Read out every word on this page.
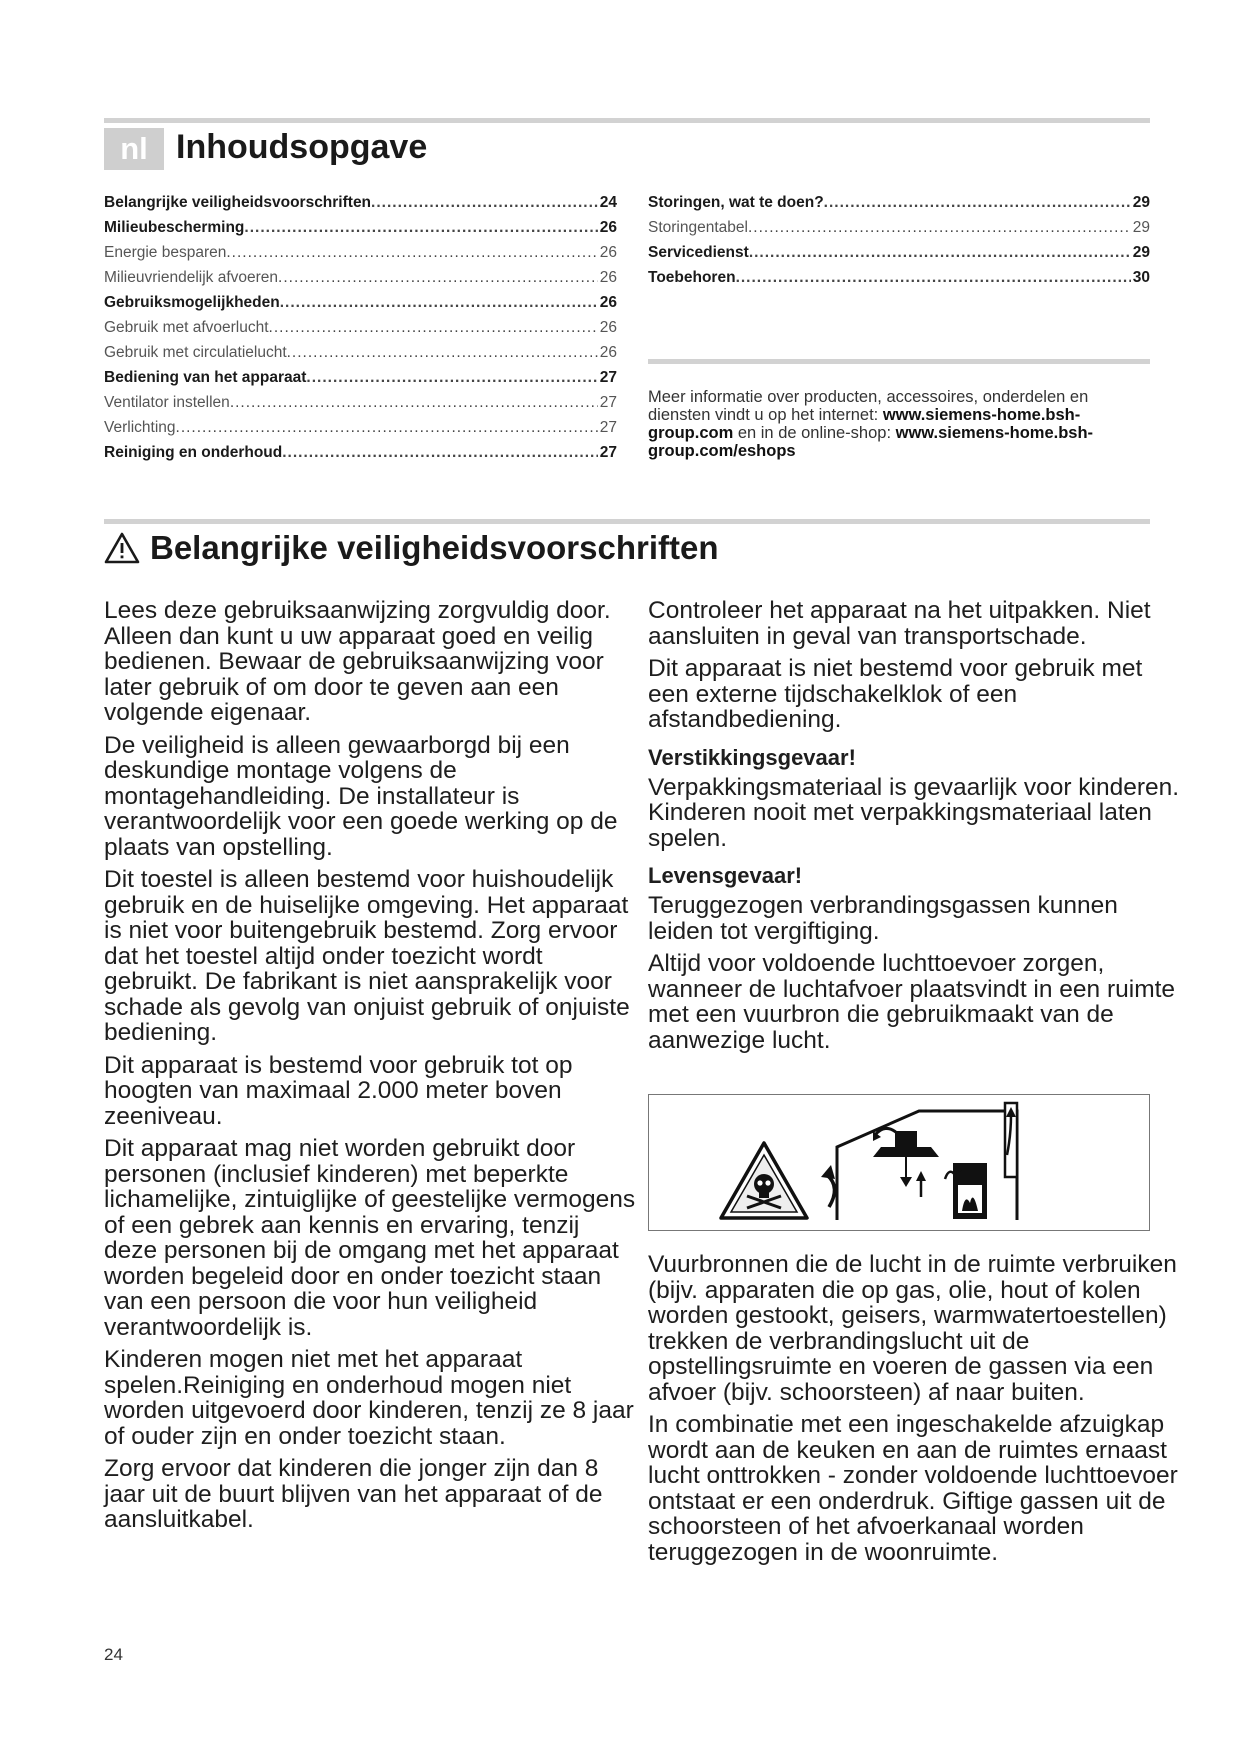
nl Inhoudsopgave
Belangrijke veiligheidsvoorschriften .....	24
Milieubescherming .....	26
Energie besparen .....	26
Milieuvriendelijk afvoeren .....	26
Gebruiksmogelijkheden .....	26
Gebruik met afvoerlucht .....	26
Gebruik met circulatielucht .....	26
Bediening van het apparaat .....	27
Ventilator instellen .....	27
Verlichting .....	27
Reiniging en onderhoud .....	27
Storingen, wat te doen? .....	29
Storingentabel .....	29
Servicedienst .....	29
Toebehoren .....	30
Meer informatie over producten, accessoires, onderdelen en diensten vindt u op het internet: www.siemens-home.bsh-group.com en in de online-shop: www.siemens-home.bsh-group.com/eshops
Belangrijke veiligheidsvoorschriften

Lees deze gebruiksaanwijzing zorgvuldig door. Alleen dan kunt u uw apparaat goed en veilig bedienen. Bewaar de gebruiksaanwijzing voor later gebruik of om door te geven aan een volgende eigenaar.

De veiligheid is alleen gewaarborgd bij een deskundige montage volgens de montagehandleiding. De installateur is verantwoordelijk voor een goede werking op de plaats van opstelling.

Dit toestel is alleen bestemd voor huishoudelijk gebruik en de huiselijke omgeving. Het apparaat is niet voor buitengebruik bestemd. Zorg ervoor dat het toestel altijd onder toezicht wordt gebruikt. De fabrikant is niet aansprakelijk voor schade als gevolg van onjuist gebruik of onjuiste bediening.

Dit apparaat is bestemd voor gebruik tot op hoogten van maximaal 2.000 meter boven zeeniveau.

Dit apparaat mag niet worden gebruikt door personen (inclusief kinderen) met beperkte lichamelijke, zintuiglijke of geestelijke vermogens of een gebrek aan kennis en ervaring, tenzij deze personen bij de omgang met het apparaat worden begeleid door en onder toezicht staan van een persoon die voor hun veiligheid verantwoordelijk is.

Kinderen mogen niet met het apparaat spelen.Reiniging en onderhoud mogen niet worden uitgevoerd door kinderen, tenzij ze 8 jaar of ouder zijn en onder toezicht staan.

Zorg ervoor dat kinderen die jonger zijn dan 8 jaar uit de buurt blijven van het apparaat of de aansluitkabel.

Controleer het apparaat na het uitpakken. Niet aansluiten in geval van transportschade.

Dit apparaat is niet bestemd voor gebruik met een externe tijdschakelklok of een afstandbediening.

Verstikkingsgevaar!

Verpakkingsmateriaal is gevaarlijk voor kinderen. Kinderen nooit met verpakkingsmateriaal laten spelen.

Levensgevaar!

Teruggezogen verbrandingsgassen kunnen leiden tot vergiftiging.

Altijd voor voldoende luchttoevoer zorgen, wanneer de luchtafvoer plaatsvindt in een ruimte met een vuurbron die gebruikmaakt van de aanwezige lucht.

Vuurbronnen die de lucht in de ruimte verbruiken (bijv. apparaten die op gas, olie, hout of kolen worden gestookt, geisers, warmwatertoestellen) trekken de verbrandingslucht uit de opstellingsruimte en voeren de gassen via een afvoer (bijv. schoorsteen) af naar buiten.

In combinatie met een ingeschakelde afzuigkap wordt aan de keuken en aan de ruimtes ernaast lucht onttrokken - zonder voldoende luchttoevoer ontstaat er een onderdruk. Giftige gassen uit de schoorsteen of het afvoerkanaal worden teruggezogen in de woonruimte.

24
